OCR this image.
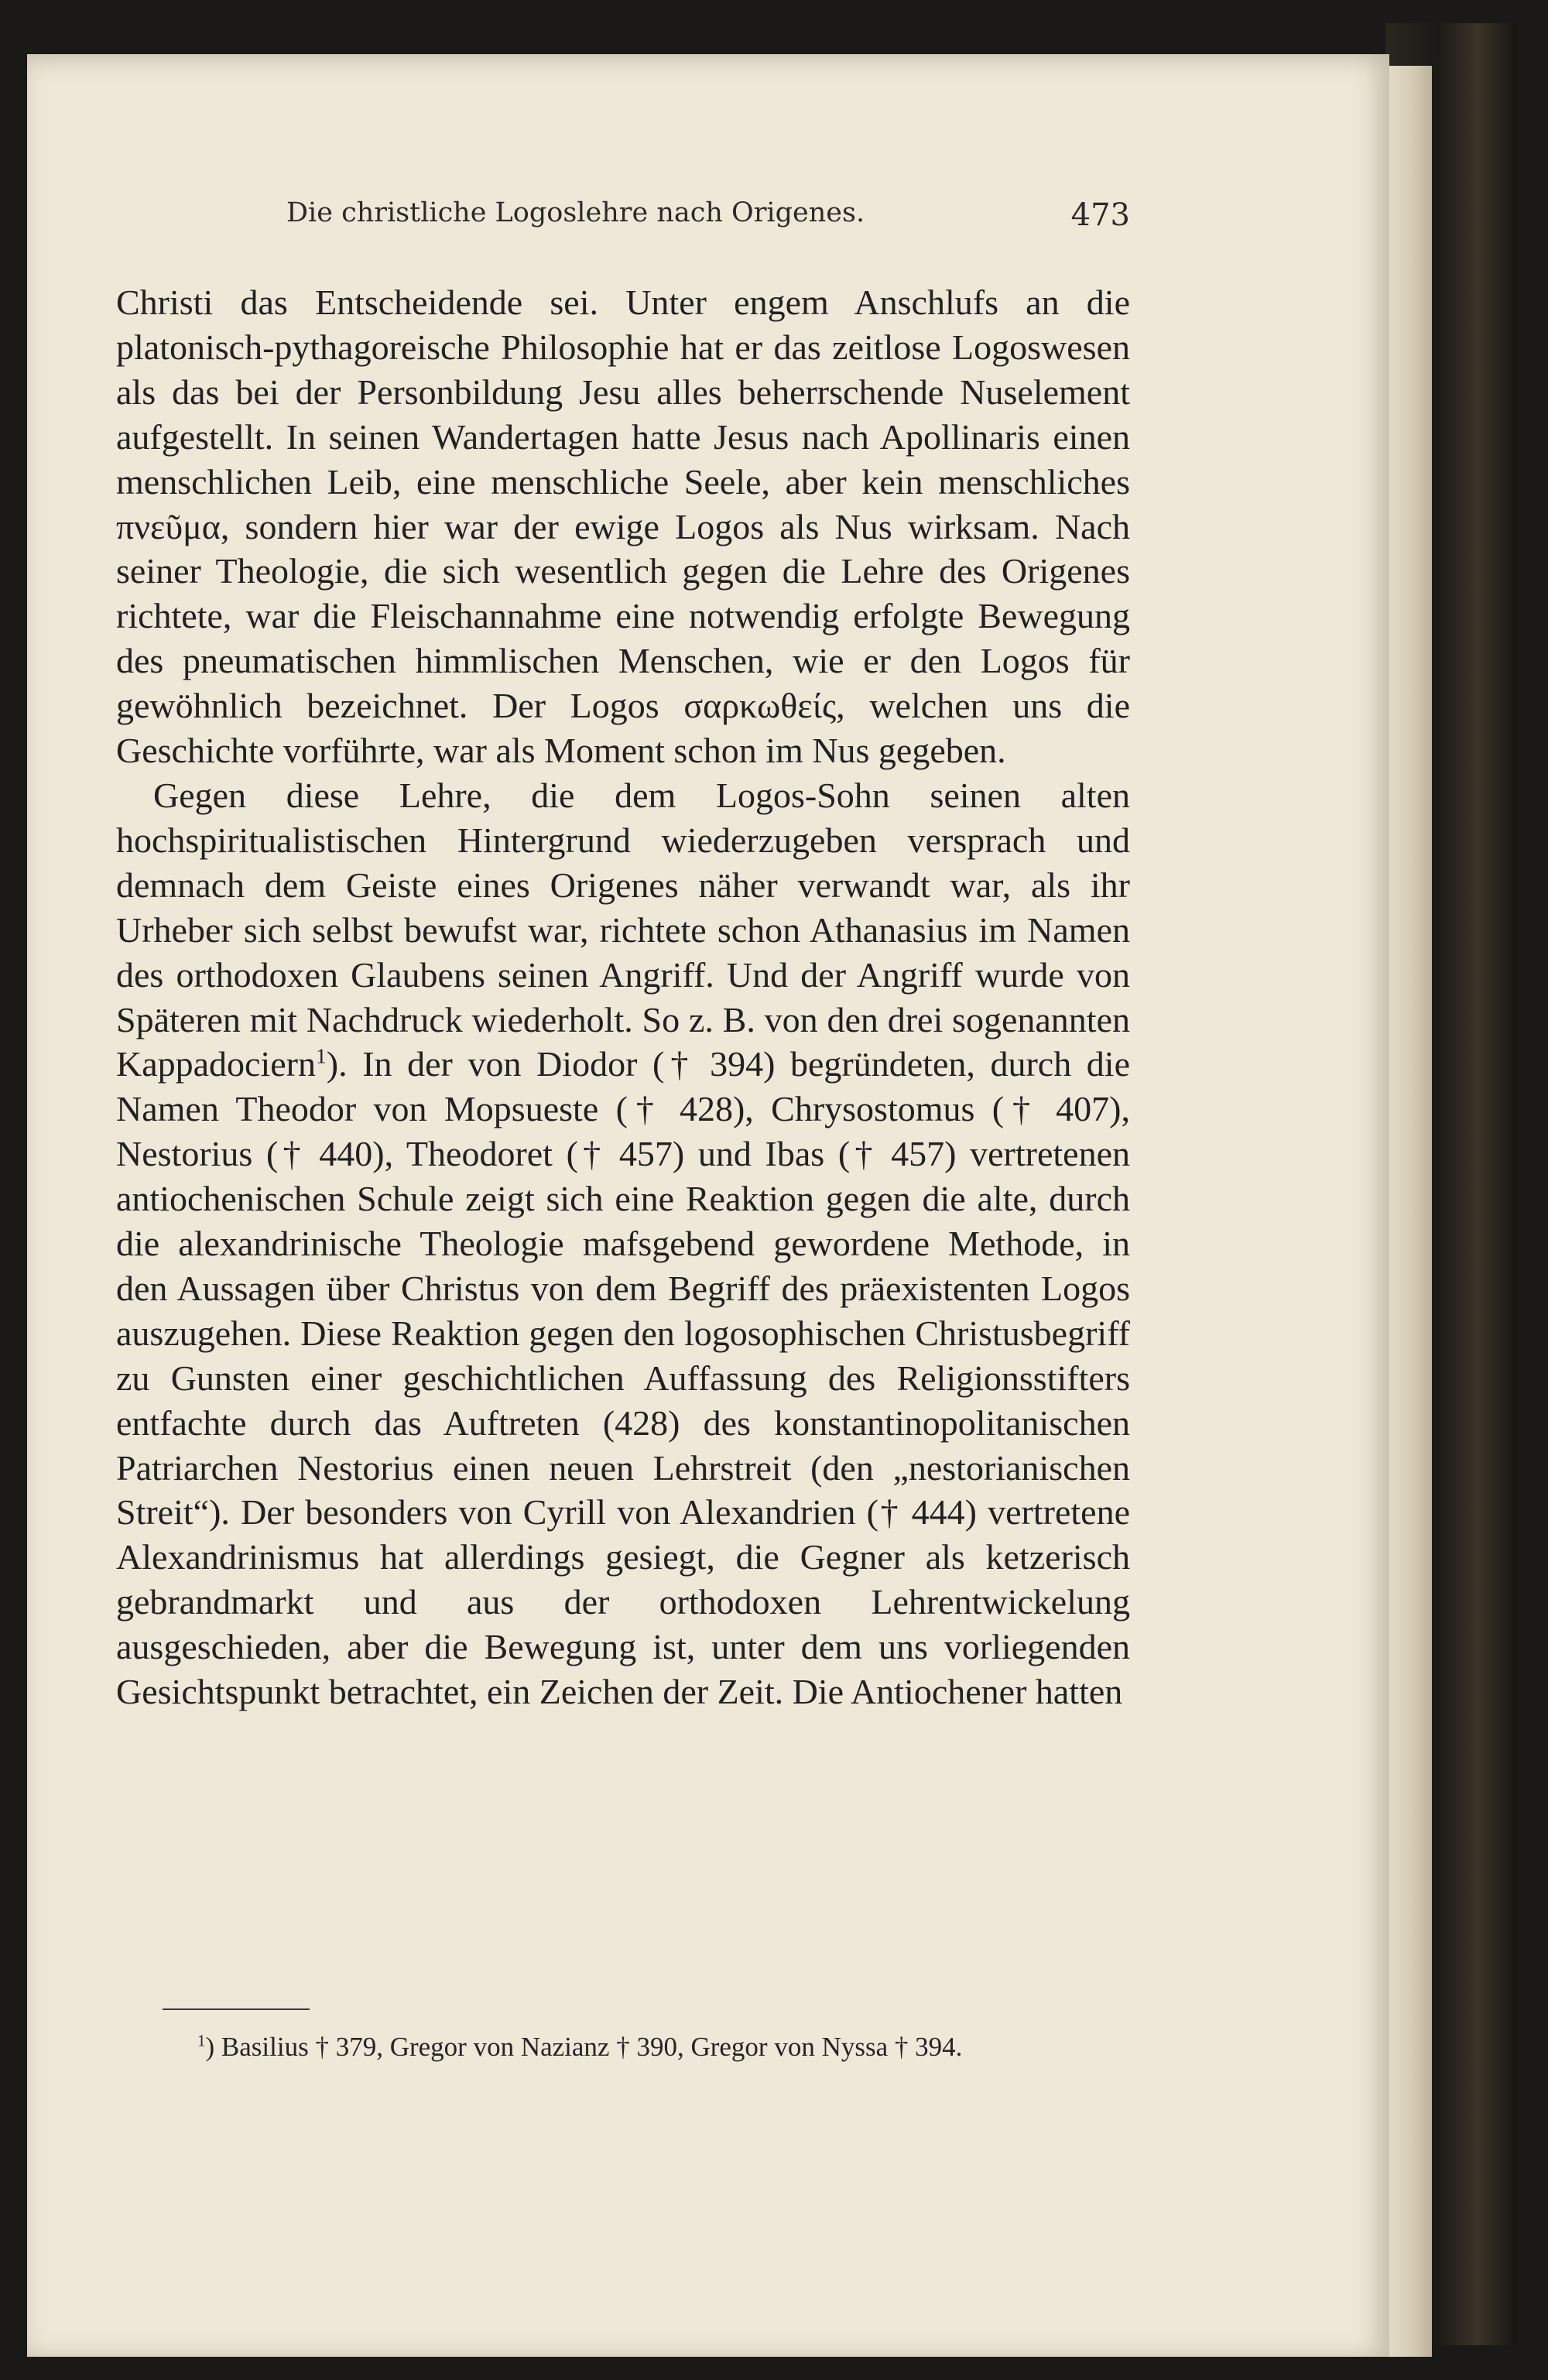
Die christliche Logoslehre nach Origenes.	473

Christi das Entscheidende sei. Unter engem Anschlufs an die platonisch-pythagoreische Philosophie hat er das zeitlose Logoswesen als das bei der Personbildung Jesu alles beherrschende Nuselement aufgestellt. In seinen Wandertagen hatte Jesus nach Apollinaris einen menschlichen Leib, eine menschliche Seele, aber kein menschliches πνεῦμα, sondern hier war der ewige Logos als Nus wirksam. Nach seiner Theologie, die sich wesentlich gegen die Lehre des Origenes richtete, war die Fleischannahme eine notwendig erfolgte Bewegung des pneumatischen himmlischen Menschen, wie er den Logos für gewöhnlich bezeichnet. Der Logos σαρκωθείς, welchen uns die Geschichte vorführte, war als Moment schon im Nus gegeben.

Gegen diese Lehre, die dem Logos-Sohn seinen alten hochspiritualistischen Hintergrund wiederzugeben versprach und demnach dem Geiste eines Origenes näher verwandt war, als ihr Urheber sich selbst bewufst war, richtete schon Athanasius im Namen des orthodoxen Glaubens seinen Angriff. Und der Angriff wurde von Späteren mit Nachdruck wiederholt. So z. B. von den drei sogenannten Kappadociern$^1$). In der von Diodor († 394) begründeten, durch die Namen Theodor von Mopsueste († 428), Chrysostomus († 407), Nestorius († 440), Theodoret († 457) und Ibas († 457) vertretenen antiochenischen Schule zeigt sich eine Reaktion gegen die alte, durch die alexandrinische Theologie mafsgebend gewordene Methode, in den Aussagen über Christus von dem Begriff des präexistenten Logos auszugehen. Diese Reaktion gegen den logosophischen Christusbegriff zu Gunsten einer geschichtlichen Auffassung des Religionsstifters entfachte durch das Auftreten (428) des konstantinopolitanischen Patriarchen Nestorius einen neuen Lehrstreit (den „nestorianischen Streit“). Der besonders von Cyrill von Alexandrien († 444) vertretene Alexandrinismus hat allerdings gesiegt, die Gegner als ketzerisch gebrandmarkt und aus der orthodoxen Lehrentwickelung ausgeschieden, aber die Bewegung ist, unter dem uns vorliegenden Gesichtspunkt betrachtet, ein Zeichen der Zeit. Die Antiochener hatten

$^1$) Basilius † 379, Gregor von Nazianz † 390, Gregor von Nyssa † 394.
